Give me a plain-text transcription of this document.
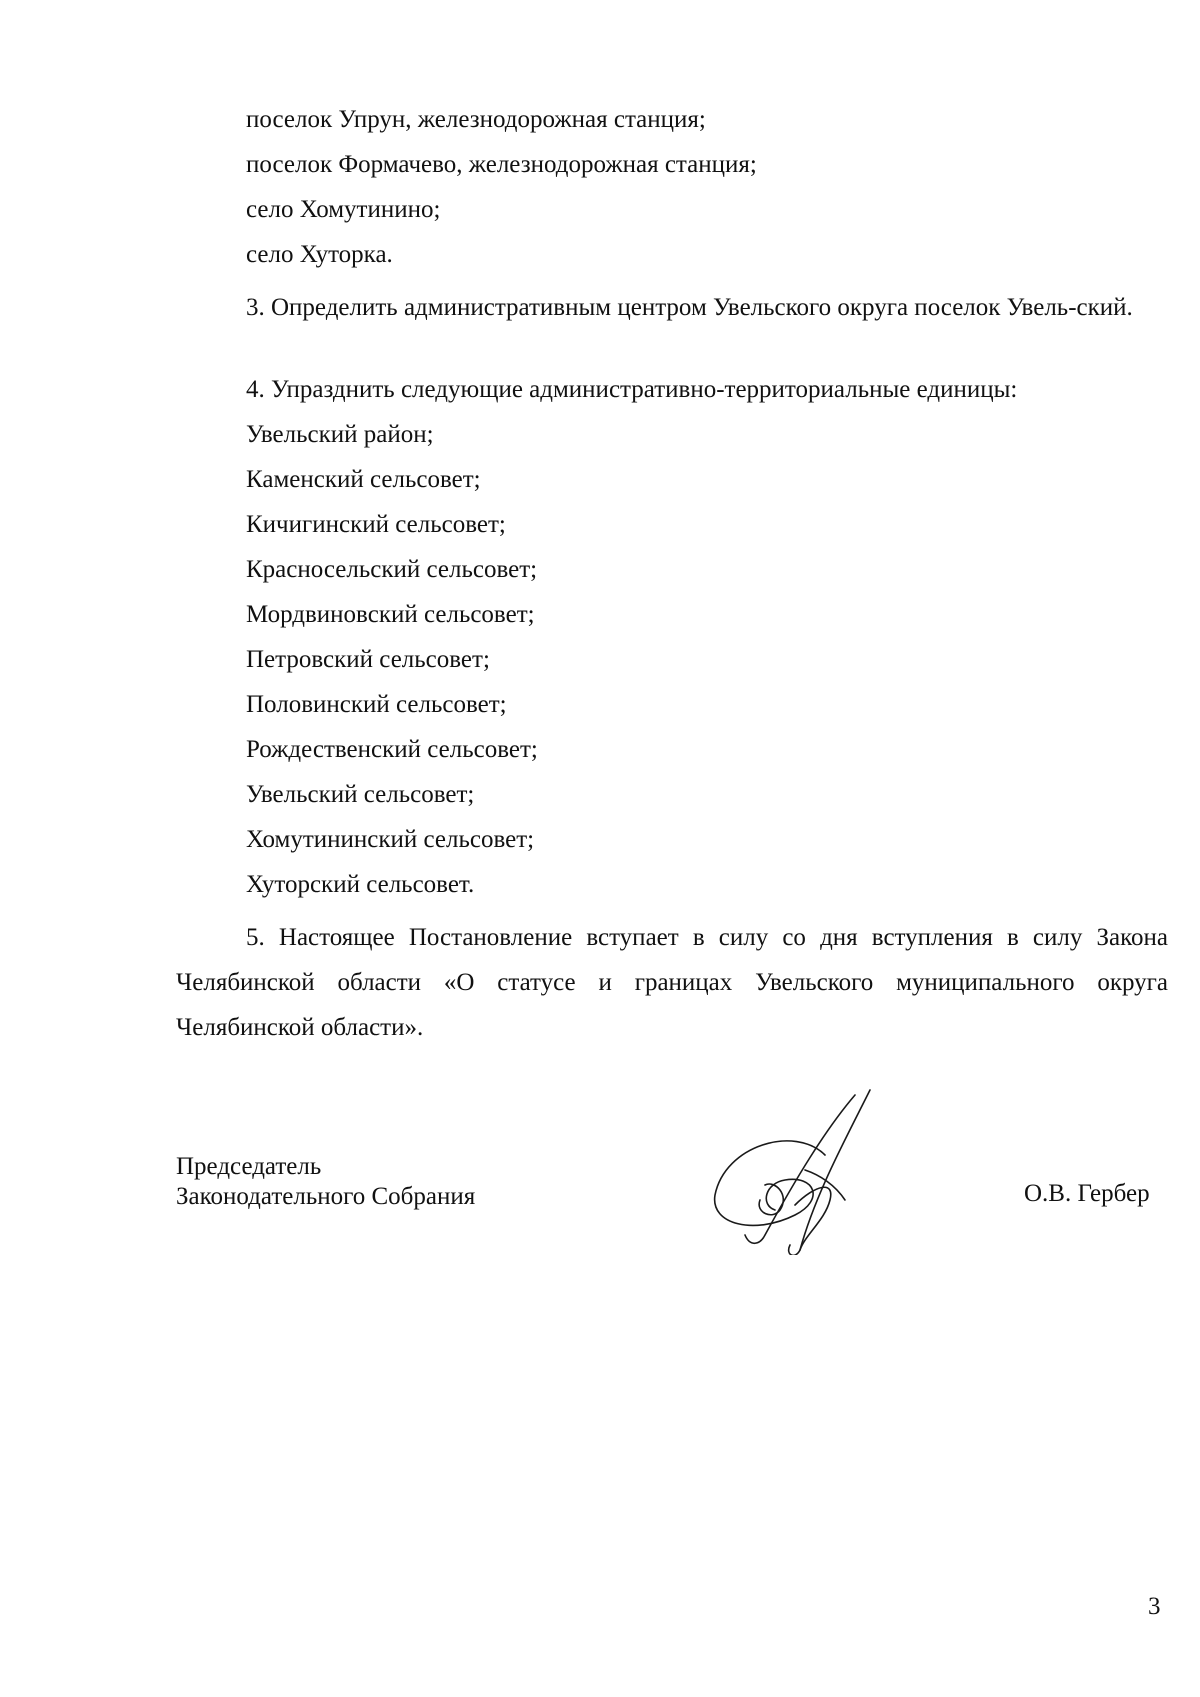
поселок Упрун, железнодорожная станция;
поселок Формачево, железнодорожная станция;
село Хомутинино;
село Хуторка.
3. Определить административным центром Увельского округа поселок Увель-ский.
4. Упразднить следующие административно-территориальные единицы:
Увельский район;
Каменский сельсовет;
Кичигинский сельсовет;
Красносельский сельсовет;
Мордвиновский сельсовет;
Петровский сельсовет;
Половинский сельсовет;
Рождественский сельсовет;
Увельский сельсовет;
Хомутининский сельсовет;
Хуторский сельсовет.
5. Настоящее Постановление вступает в силу со дня вступления в силу Закона Челябинской области «О статусе и границах Увельского муниципального округа Челябинской области».
Председатель
Законодательного Собрания	О.В. Гербер
3
